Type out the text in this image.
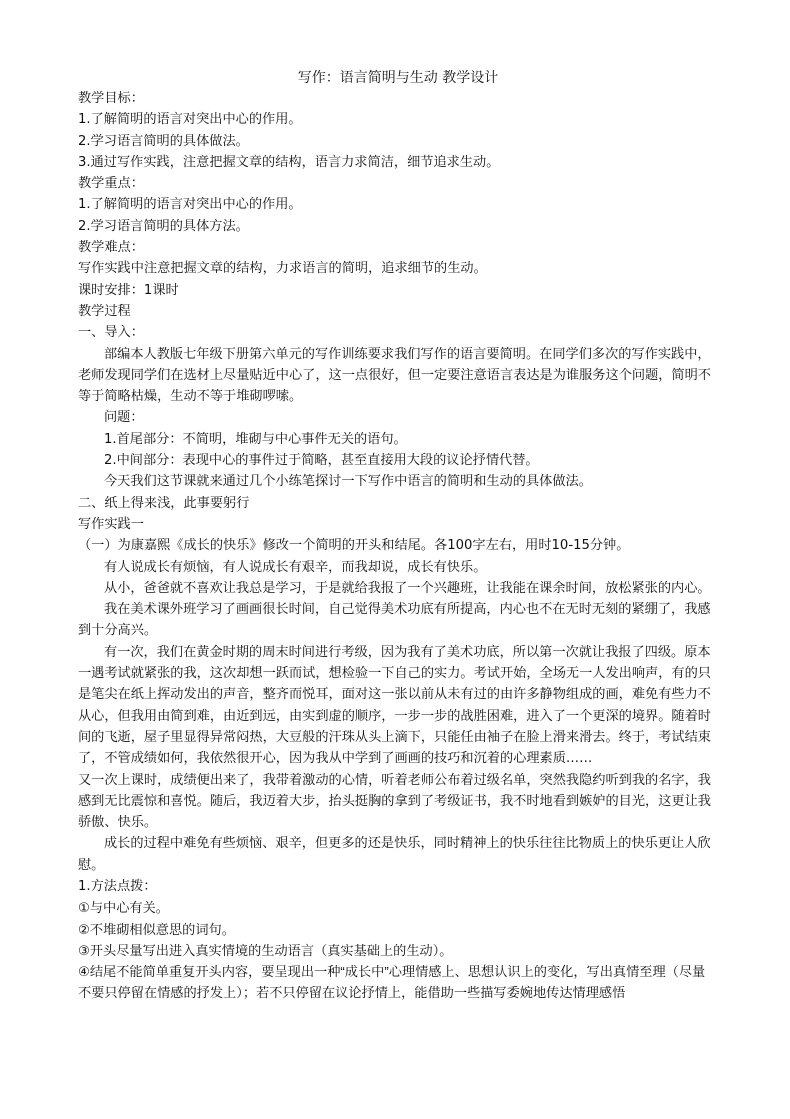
写作：语言简明与生动 教学设计

教学目标：

1.了解简明的语言对突出中心的作用。

2.学习语言简明的具体做法。

3.通过写作实践，注意把握文章的结构，语言力求简洁，细节追求生动。

教学重点：

1.了解简明的语言对突出中心的作用。

2.学习语言简明的具体方法。

教学难点：

写作实践中注意把握文章的结构，力求语言的简明，追求细节的生动。

课时安排：1课时

教学过程

一、导入：

部编本人教版七年级下册第六单元的写作训练要求我们写作的语言要简明。在同学们多次的写作实践中，老师发现同学们在选材上尽量贴近中心了，这一点很好，但一定要注意语言表达是为谁服务这个问题，简明不等于简略枯燥，生动不等于堆砌啰嗦。

问题：

1.首尾部分：不简明，堆砌与中心事件无关的语句。

2.中间部分：表现中心的事件过于简略，甚至直接用大段的议论抒情代替。

今天我们这节课就来通过几个小练笔探讨一下写作中语言的简明和生动的具体做法。

二、纸上得来浅，此事要躬行

写作实践一

（一）为康嘉熙《成长的快乐》修改一个简明的开头和结尾。各100字左右，用时10-15分钟。

有人说成长有烦恼，有人说成长有艰辛，而我却说，成长有快乐。

从小，爸爸就不喜欢让我总是学习，于是就给我报了一个兴趣班，让我能在课余时间，放松紧张的内心。

我在美术课外班学习了画画很长时间，自己觉得美术功底有所提高，内心也不在无时无刻的紧绷了，我感到十分高兴。

有一次，我们在黄金时期的周末时间进行考级，因为我有了美术功底，所以第一次就让我报了四级。原本一遇考试就紧张的我，这次却想一跃而试，想检验一下自己的实力。考试开始，全场无一人发出响声，有的只是笔尖在纸上挥动发出的声音，整齐而悦耳，面对这一张以前从未有过的由许多静物组成的画，难免有些力不从心，但我用由简到难，由近到远，由实到虚的顺序，一步一步的战胜困难，进入了一个更深的境界。随着时间的飞逝，屋子里显得异常闷热，大豆般的汗珠从头上滴下，只能任由袖子在脸上滑来滑去。终于，考试结束了，不管成绩如何，我依然很开心，因为我从中学到了画画的技巧和沉着的心理素质……

又一次上课时，成绩便出来了，我带着激动的心情，听着老师公布着过级名单，突然我隐约听到我的名字，我感到无比震惊和喜悦。随后，我迈着大步，抬头挺胸的拿到了考级证书，我不时地看到嫉妒的目光，这更让我骄傲、快乐。

成长的过程中难免有些烦恼、艰辛，但更多的还是快乐，同时精神上的快乐往往比物质上的快乐更让人欣慰。

1.方法点拨：

①与中心有关。

②不堆砌相似意思的词句。

③开头尽量写出进入真实情境的生动语言（真实基础上的生动）。

④结尾不能简单重复开头内容，要呈现出一种“成长中”心理情感上、思想认识上的变化，写出真情至理（尽量不要只停留在情感的抒发上）；若不只停留在议论抒情上，能借助一些描写委婉地传达情理感悟
